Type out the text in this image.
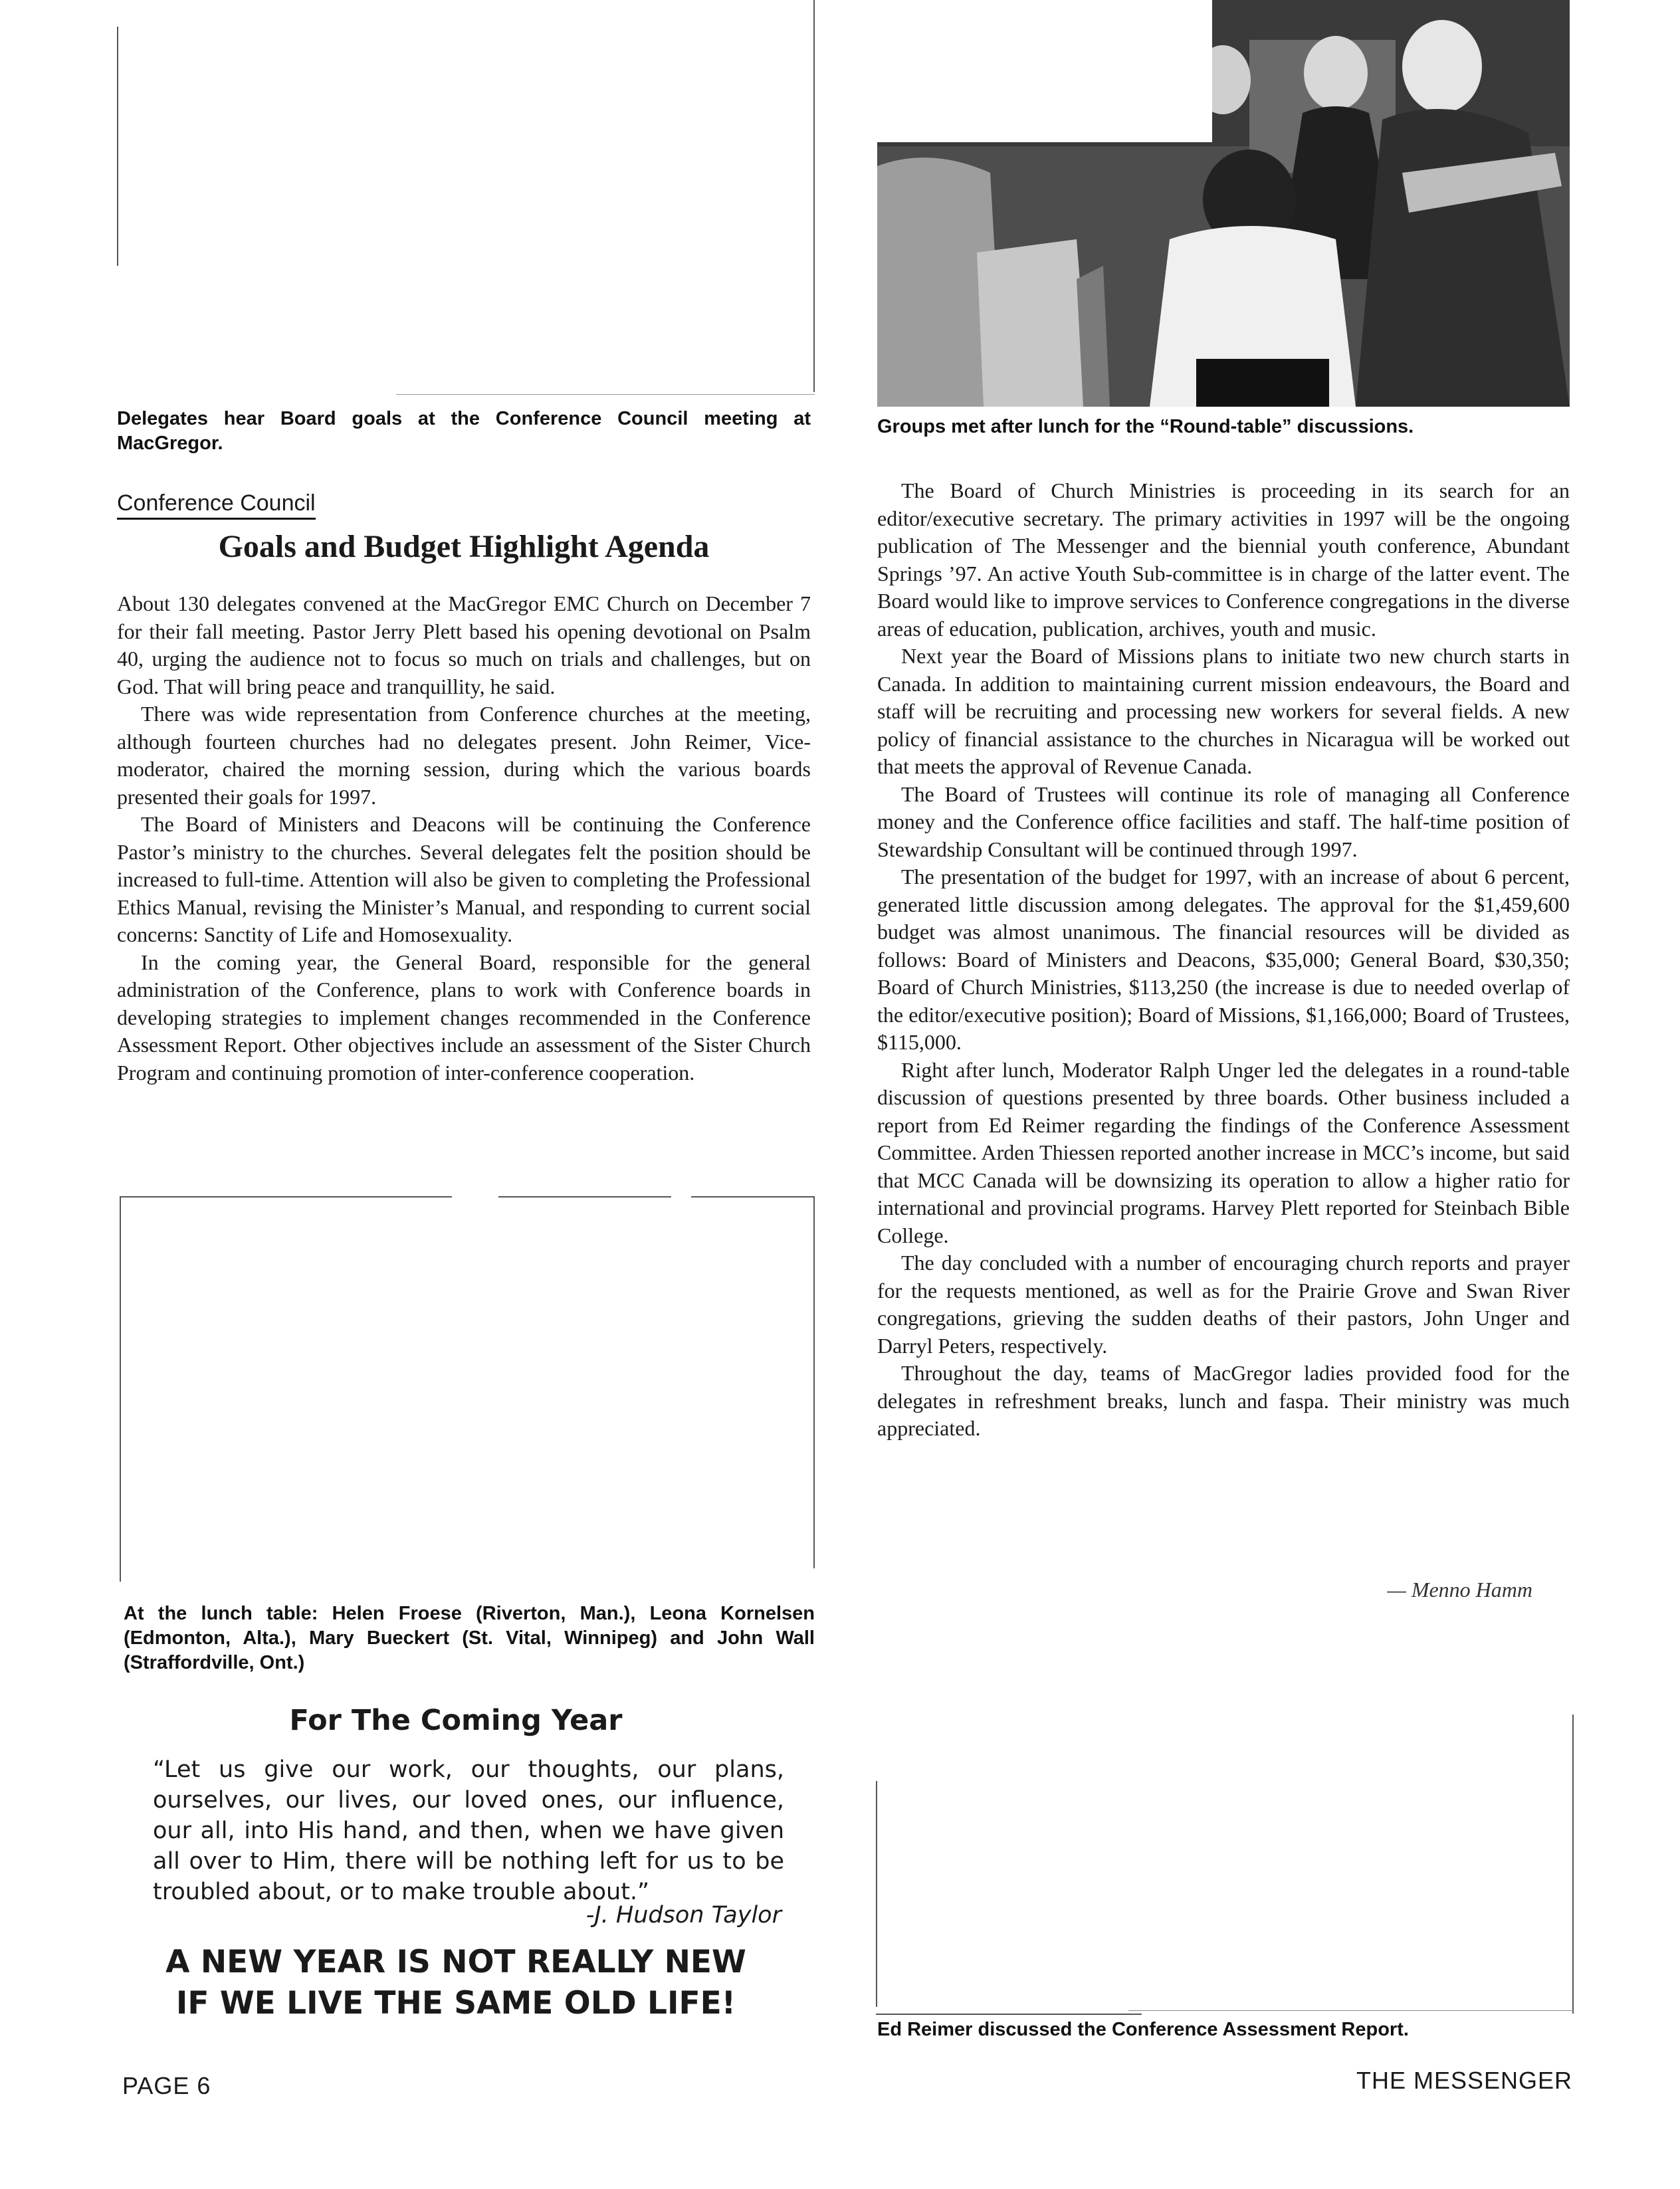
Delegates hear Board goals at the Conference Council meeting at MacGregor.

Groups met after lunch for the “Round-table” discussions.

Conference Council

Goals and Budget Highlight Agenda

About 130 delegates convened at the MacGregor EMC Church on December 7 for their fall meeting. Pastor Jerry Plett based his opening devotional on Psalm 40, urging the audience not to focus so much on trials and challenges, but on God. That will bring peace and tranquillity, he said.

There was wide representation from Conference churches at the meeting, although fourteen churches had no delegates present. John Reimer, Vice-moderator, chaired the morning session, during which the various boards presented their goals for 1997.

The Board of Ministers and Deacons will be continuing the Conference Pastor’s ministry to the churches. Several delegates felt the position should be increased to full-time. Attention will also be given to completing the Professional Ethics Manual, revising the Minister’s Manual, and responding to current social concerns: Sanctity of Life and Homosexuality.

In the coming year, the General Board, responsible for the general administration of the Conference, plans to work with Conference boards in developing strategies to implement changes recommended in the Conference Assessment Report. Other objectives include an assessment of the Sister Church Program and continuing promotion of inter-conference cooperation.

At the lunch table: Helen Froese (Riverton, Man.), Leona Kornelsen (Edmonton, Alta.), Mary Bueckert (St. Vital, Winnipeg) and John Wall (Straffordville, Ont.)

For The Coming Year

“Let us give our work, our thoughts, our plans, ourselves, our lives, our loved ones, our influence, our all, into His hand, and then, when we have given all over to Him, there will be nothing left for us to be troubled about, or to make trouble about.”

-J. Hudson Taylor

A NEW YEAR IS NOT REALLY NEW

IF WE LIVE THE SAME OLD LIFE!

The Board of Church Ministries is proceeding in its search for an editor/executive secretary. The primary activities in 1997 will be the ongoing publication of The Messenger and the biennial youth conference, Abundant Springs ’97. An active Youth Sub-committee is in charge of the latter event. The Board would like to improve services to Conference congregations in the diverse areas of education, publication, archives, youth and music.

Next year the Board of Missions plans to initiate two new church starts in Canada. In addition to maintaining current mission endeavours, the Board and staff will be recruiting and processing new workers for several fields. A new policy of financial assistance to the churches in Nicaragua will be worked out that meets the approval of Revenue Canada.

The Board of Trustees will continue its role of managing all Conference money and the Conference office facilities and staff. The half-time position of Stewardship Consultant will be continued through 1997.

The presentation of the budget for 1997, with an increase of about 6 percent, generated little discussion among delegates. The approval for the $1,459,600 budget was almost unanimous. The financial resources will be divided as follows: Board of Ministers and Deacons, $35,000; General Board, $30,350; Board of Church Ministries, $113,250 (the increase is due to needed overlap of the editor/executive position); Board of Missions, $1,166,000; Board of Trustees, $115,000.

Right after lunch, Moderator Ralph Unger led the delegates in a round-table discussion of questions presented by three boards. Other business included a report from Ed Reimer regarding the findings of the Conference Assessment Committee. Arden Thiessen reported another increase in MCC’s income, but said that MCC Canada will be downsizing its operation to allow a higher ratio for international and provincial programs. Harvey Plett reported for Steinbach Bible College.

The day concluded with a number of encouraging church reports and prayer for the requests mentioned, as well as for the Prairie Grove and Swan River congregations, grieving the sudden deaths of their pastors, John Unger and Darryl Peters, respectively.

Throughout the day, teams of MacGregor ladies provided food for the delegates in refreshment breaks, lunch and faspa. Their ministry was much appreciated.

— Menno Hamm

Ed Reimer discussed the Conference Assessment Report.

PAGE 6	THE MESSENGER
